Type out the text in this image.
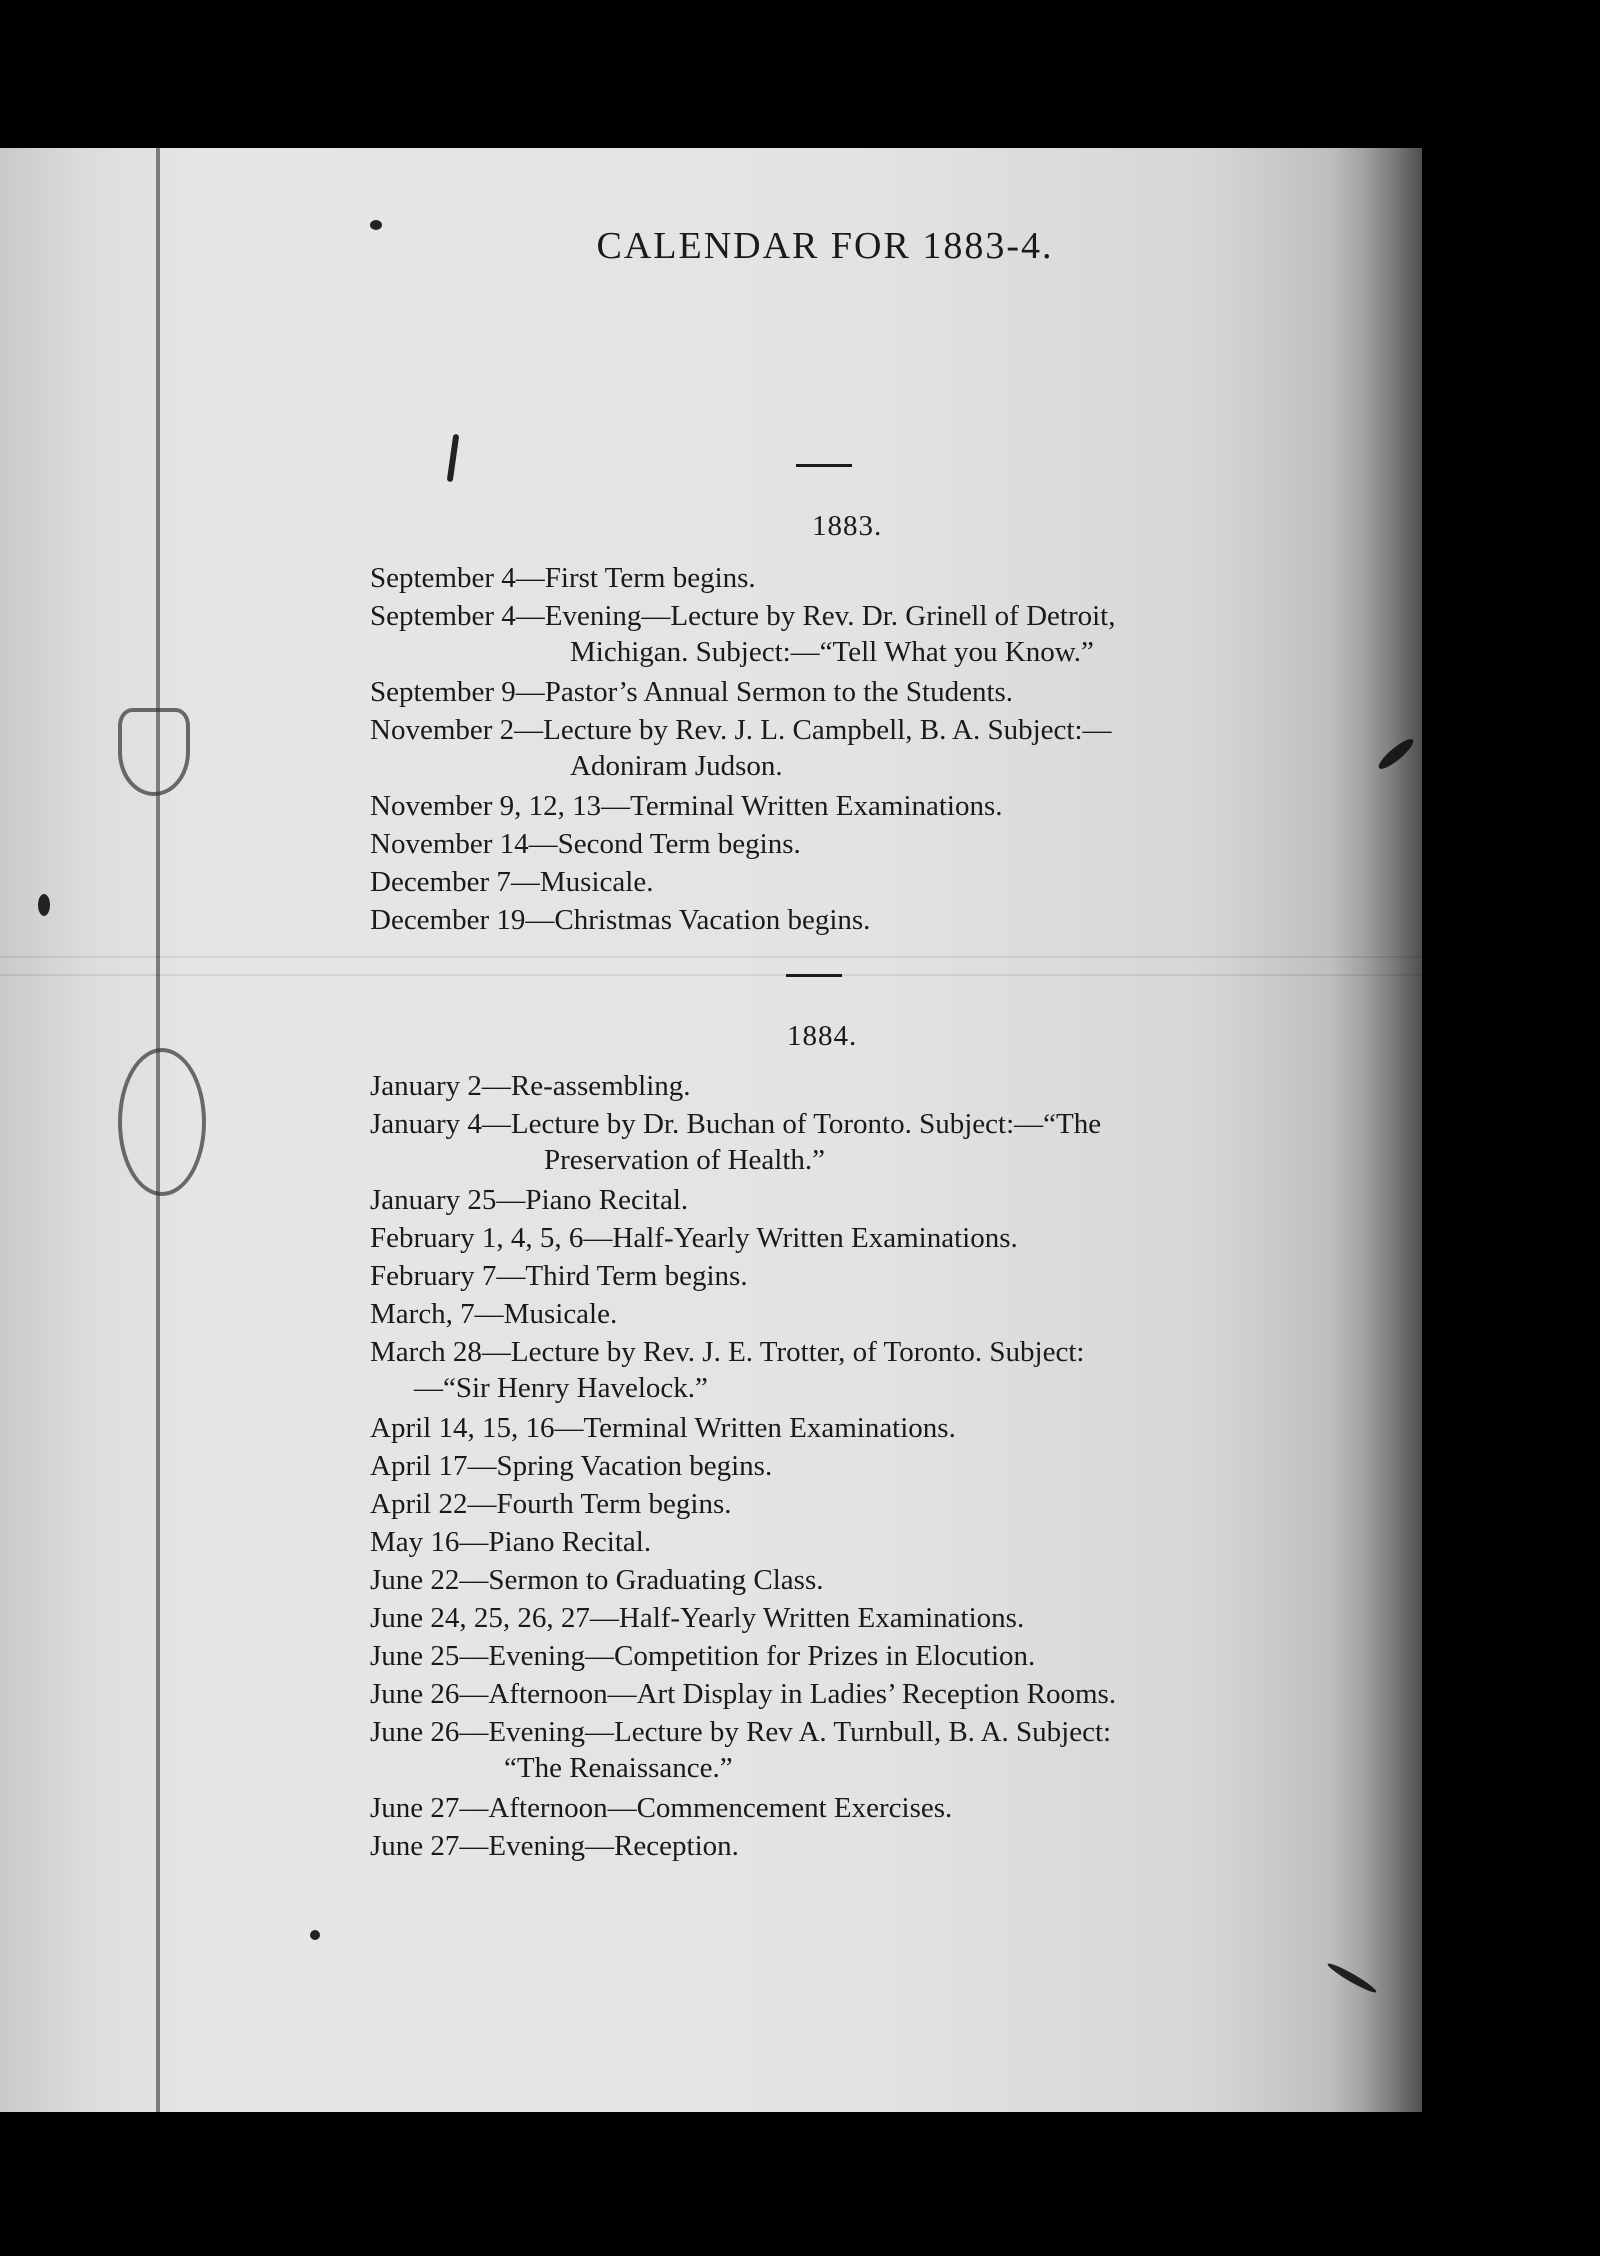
CALENDAR FOR 1883-4.
1883.
September 4—First Term begins.
September 4—Evening—Lecture by Rev. Dr. Grinell of Detroit,
Michigan. Subject:—“Tell What you Know.”
September 9—Pastor’s Annual Sermon to the Students.
November 2—Lecture by Rev. J. L. Campbell, B. A. Subject:—
Adoniram Judson.
November 9, 12, 13—Terminal Written Examinations.
November 14—Second Term begins.
December 7—Musicale.
December 19—Christmas Vacation begins.
1884.
January 2—Re-assembling.
January 4—Lecture by Dr. Buchan of Toronto. Subject:—“The
Preservation of Health.”
January 25—Piano Recital.
February 1, 4, 5, 6—Half-Yearly Written Examinations.
February 7—Third Term begins.
March, 7—Musicale.
March 28—Lecture by Rev. J. E. Trotter, of Toronto. Subject:
—“Sir Henry Havelock.”
April 14, 15, 16—Terminal Written Examinations.
April 17—Spring Vacation begins.
April 22—Fourth Term begins.
May 16—Piano Recital.
June 22—Sermon to Graduating Class.
June 24, 25, 26, 27—Half-Yearly Written Examinations.
June 25—Evening—Competition for Prizes in Elocution.
June 26—Afternoon—Art Display in Ladies’ Reception Rooms.
June 26—Evening—Lecture by Rev A. Turnbull, B. A. Subject:
“The Renaissance.”
June 27—Afternoon—Commencement Exercises.
June 27—Evening—Reception.
